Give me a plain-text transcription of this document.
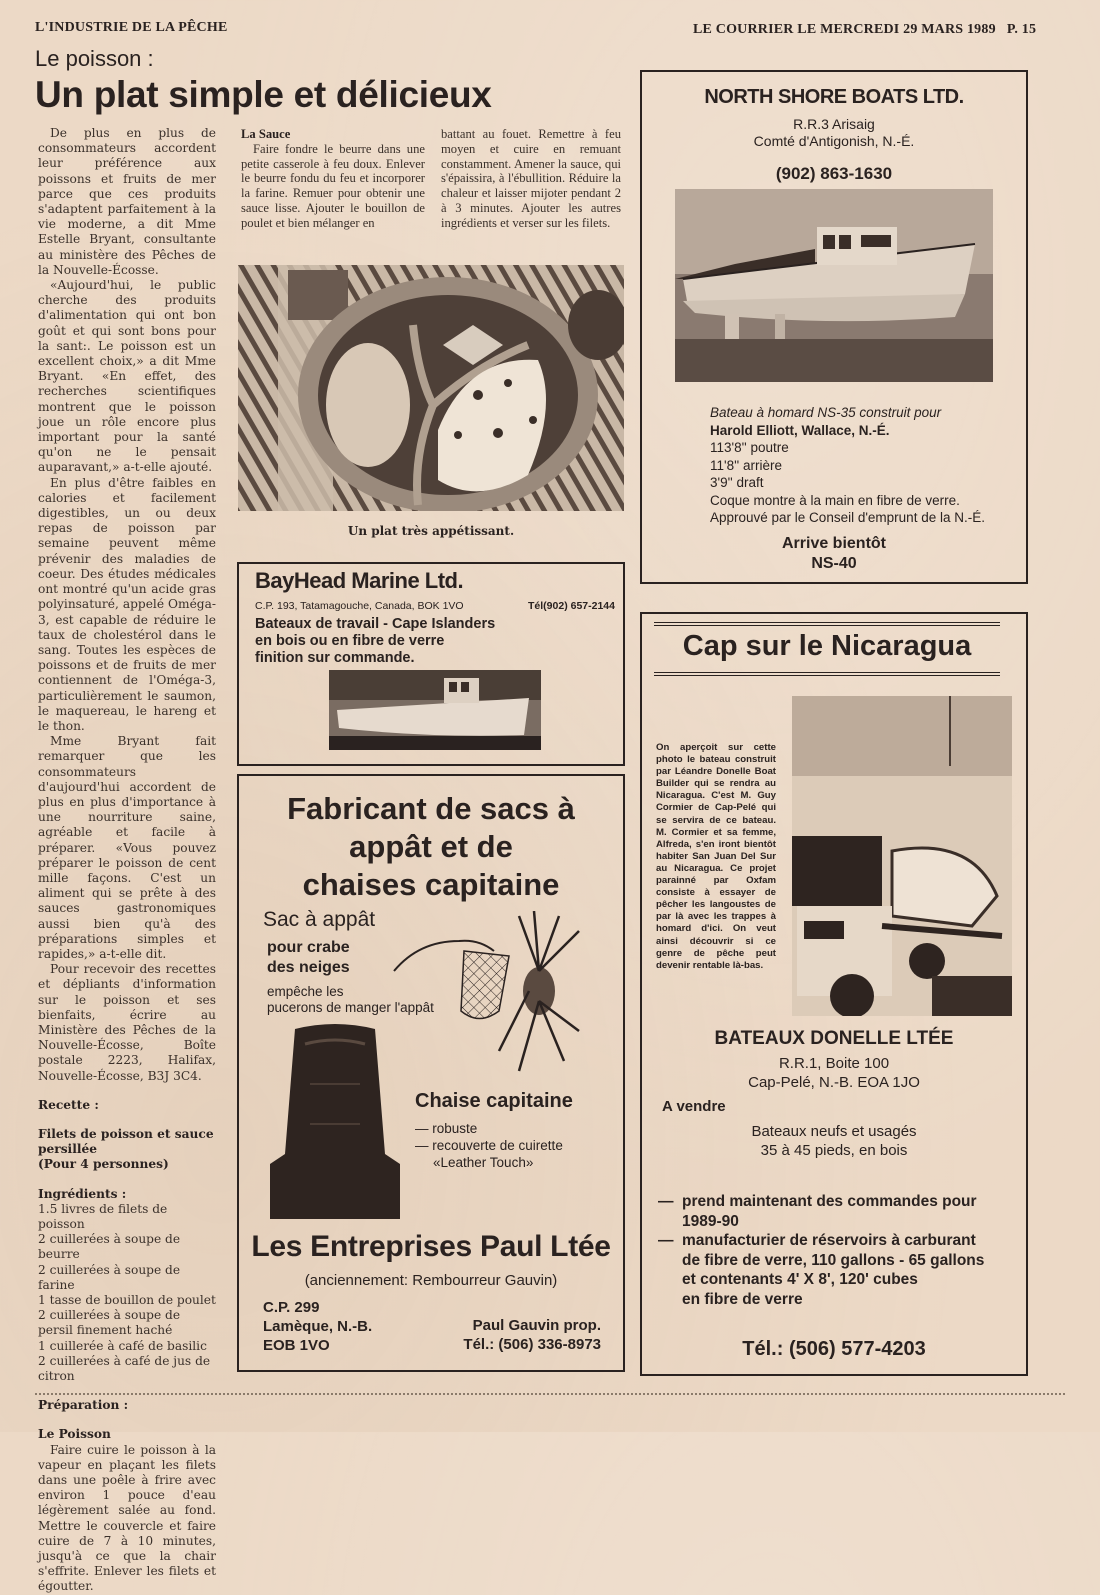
L'INDUSTRIE DE LA PÊCHE	LE COURRIER LE MERCREDI 29 MARS 1989 P. 15
Le poisson :
Un plat simple et délicieux

De plus en plus de consommateurs accordent leur préférence aux poissons et fruits de mer parce que ces produits s'adaptent parfaitement à la vie moderne, a dit Mme Estelle Bryant, consultante au ministère des Pêches de la Nouvelle-Écosse.

«Aujourd'hui, le public cherche des produits d'alimentation qui ont bon goût et qui sont bons pour la sant:. Le poisson est un excellent choix,» a dit Mme Bryant. «En effet, des recherches scientifiques montrent que le poisson joue un rôle encore plus important pour la santé qu'on ne le pensait auparavant,» a-t-elle ajouté.

En plus d'être faibles en calories et facilement digestibles, un ou deux repas de poisson par semaine peuvent même prévenir des maladies de coeur. Des études médicales ont montré qu'un acide gras polyinsaturé, appelé Oméga-3, est capable de réduire le taux de cholestérol dans le sang. Toutes les espèces de poissons et de fruits de mer contiennent de l'Oméga-3, particulièrement le saumon, le maquereau, le hareng et le thon.

Mme Bryant fait remarquer que les consommateurs d'aujourd'hui accordent de plus en plus d'importance à une nourriture saine, agréable et facile à préparer. «Vous pouvez préparer le poisson de cent mille façons. C'est un aliment qui se prête à des sauces gastronomiques aussi bien qu'à des préparations simples et rapides,» a-t-elle dit.

Pour recevoir des recettes et dépliants d'information sur le poisson et ses bienfaits, écrire au Ministère des Pêches de la Nouvelle-Écosse, Boîte postale 2223, Halifax, Nouvelle-Écosse, B3J 3C4.

Recette :

Filets de poisson et sauce persillée

(Pour 4 personnes)

Ingrédients :

1.5 livres de filets de poisson

2 cuillerées à soupe de beurre

2 cuillerées à soupe de farine

1 tasse de bouillon de poulet

2 cuillerées à soupe de persil finement haché

1 cuillerée à café de basilic

2 cuillerées à café de jus de citron

Préparation :

Le Poisson

Faire cuire le poisson à la vapeur en plaçant les filets dans une poêle à frire avec environ 1 pouce d'eau légèrement salée au fond. Mettre le couvercle et faire cuire de 7 à 10 minutes, jusqu'à ce que la chair s'effrite. Enlever les filets et égoutter.

La Sauce

Faire fondre le beurre dans une petite casserole à feu doux. Enlever le beurre fondu du feu et incorporer la farine. Remuer pour obtenir une sauce lisse. Ajouter le bouillon de poulet et bien mélanger en

battant au fouet. Remettre à feu moyen et cuire en remuant constamment. Amener la sauce, qui s'épaissira, à l'ébullition. Réduire la chaleur et laisser mijoter pendant 2 à 3 minutes. Ajouter les autres ingrédients et verser sur les filets.

Un plat très appétissant.
NORTH SHORE BOATS LTD.
R.R.3 Arisaig
Comté d'Antigonish, N.-É.
(902) 863-1630
Bateau à homard NS-35 construit pour
Harold Elliott, Wallace, N.-É.
113'8'' poutre
11'8'' arrière
3'9'' draft
Coque montre à la main en fibre de verre.
Approuvé par le Conseil d'emprunt de la N.-É.
Arrive bientôt
NS-40
BayHead Marine Ltd.
C.P. 193, Tatamagouche, Canada, BOK 1VO	Tél(902) 657-2144
Bateaux de travail - Cape Islanders
en bois ou en fibre de verre
finition sur commande.
Fabricant de sacs à
appât et de
chaises capitaine
Sac à appât
pour crabe
des neiges
empêche les
pucerons de manger l'appât
Chaise capitaine
— robuste
— recouverte de cuirette
«Leather Touch»
Les Entreprises Paul Ltée
(anciennement: Rembourreur Gauvin)
C.P. 299
Lamèque, N.-B.
EOB 1VO
Paul Gauvin prop.
Tél.: (506) 336-8973
Cap sur le Nicaragua
On aperçoit sur cette photo le bateau construit par Léandre Donelle Boat Builder qui se rendra au Nicaragua. C'est M. Guy Cormier de Cap-Pelé qui se servira de ce bateau. M. Cormier et sa femme, Alfreda, s'en iront bientôt habiter San Juan Del Sur au Nicaragua. Ce projet parainné par Oxfam consiste à essayer de pêcher les langoustes de par là avec les trappes à homard d'ici. On veut ainsi découvrir si ce genre de pêche peut devenir rentable là-bas.
BATEAUX DONELLE LTÉE
R.R.1, Boite 100
Cap-Pelé, N.-B. EOA 1JO
A vendre
Bateaux neufs et usagés
35 à 45 pieds, en bois
— prend maintenant des commandes pour
1989-90
— manufacturier de réservoirs à carburant
de fibre de verre, 110 gallons - 65 gallons
et contenants 4' X 8', 120' cubes
en fibre de verre
Tél.: (506) 577-4203
